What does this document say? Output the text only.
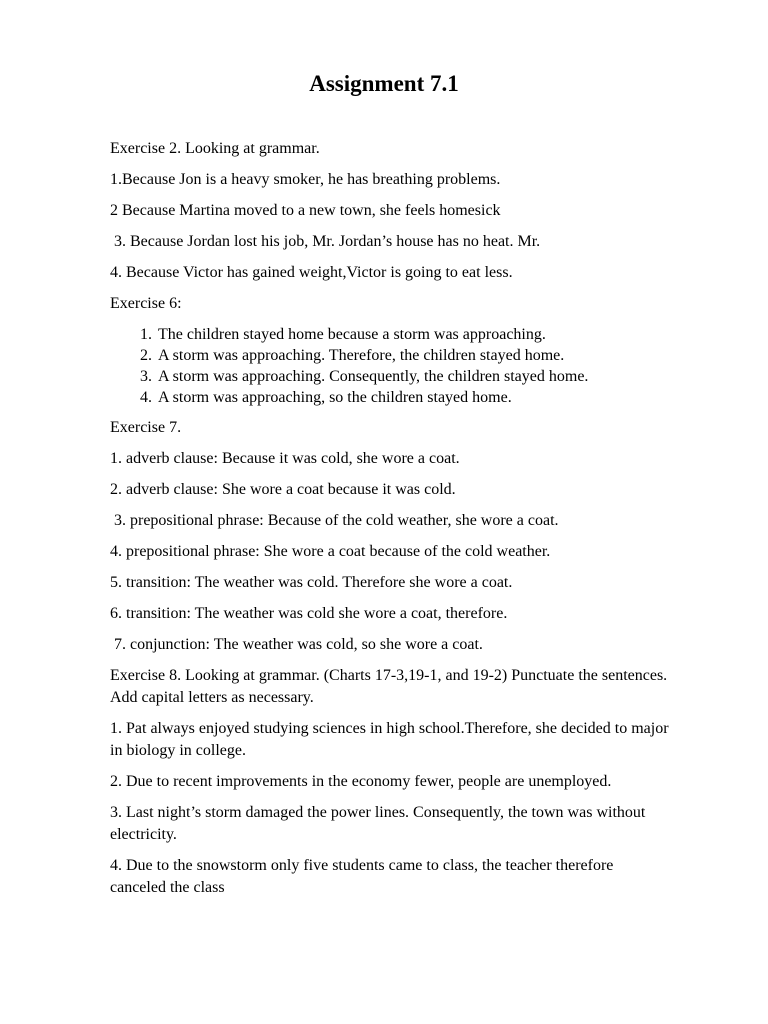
Assignment 7.1

Exercise 2. Looking at grammar.

1.Because Jon is a heavy smoker, he has breathing problems.

2 Because Martina moved to a new town, she feels homesick

3. Because Jordan lost his job, Mr. Jordan’s house has no heat. Mr.

4. Because Victor has gained weight,Victor is going to eat less.

Exercise 6:

1. The children stayed home because a storm was approaching.
2. A storm was approaching. Therefore, the children stayed home.
3. A storm was approaching. Consequently, the children stayed home.
4. A storm was approaching, so the children stayed home.

Exercise 7.

1. adverb clause: Because it was cold, she wore a coat.

2. adverb clause: She wore a coat because it was cold.

3. prepositional phrase: Because of the cold weather, she wore a coat.

4. prepositional phrase: She wore a coat because of the cold weather.

5. transition: The weather was cold. Therefore she wore a coat.

6. transition: The weather was cold she wore a coat, therefore.

7. conjunction: The weather was cold, so she wore a coat.

Exercise 8. Looking at grammar. (Charts 17-3,19-1, and 19-2) Punctuate the sentences. Add capital letters as necessary.

1. Pat always enjoyed studying sciences in high school.Therefore, she decided to major in biology in college.

2. Due to recent improvements in the economy fewer, people are unemployed.

3. Last night’s storm damaged the power lines. Consequently, the town was without electricity.

4. Due to the snowstorm only five students came to class, the teacher therefore canceled the class
